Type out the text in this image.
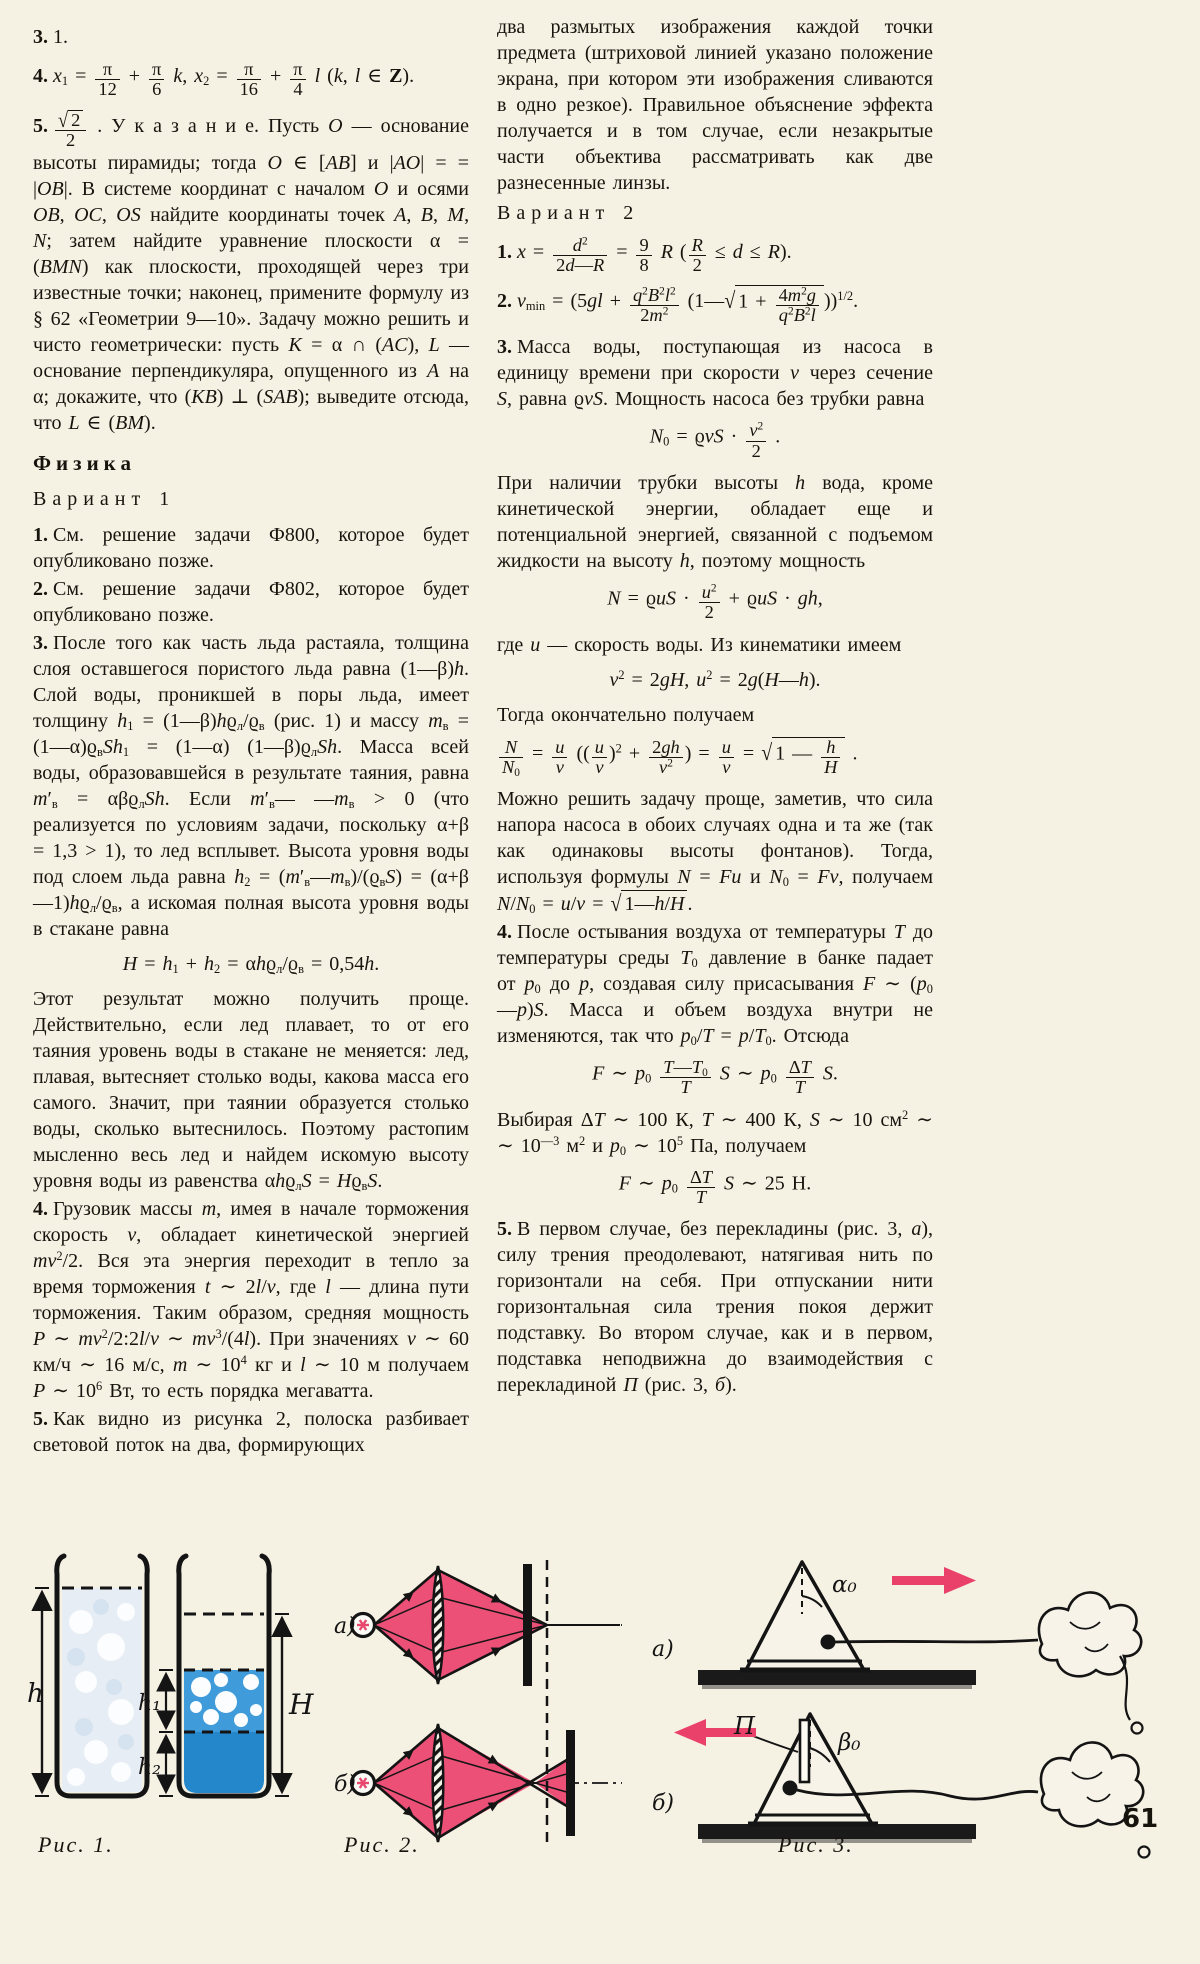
3. 1.

4. $x_1 = \frac{\pi}{12} + \frac{\pi}{6} k$, $x_2 = \frac{\pi}{16} + \frac{\pi}{4}$ l (k, l ∈ Z).

5. $\frac{√ 2}{2}$ . У к а з а н и е. Пусть O — основание высоты пирамиды; тогда O ∈ [AB] и |AO| = = |OB|. В системе координат с началом O и осями OB, OC, OS найдите координаты точек A, B, M, N; затем найдите уравнение плоскости α = (BMN) как плоскости, проходящей через три известные точки; наконец, примените формулу из § 62 «Геометрии 9—10». Задачу можно решить и чисто геометрически: пусть K = α ∩ (AC), L — основание перпендикуляра, опущенного из A на α; докажите, что (KB) ⊥ (SAB); выведите отсюда, что L ∈ (BM).

Физика
Вариант 1

1. См. решение задачи Ф800, которое будет опубликовано позже.

2. См. решение задачи Ф802, которое будет опубликовано позже.

3. После того как часть льда растаяла, толщина слоя оставшегося пористого льда равна (1—β)h. Слой воды, проникшей в поры льда, имеет толщину $h_1$ = $(1—\beta)hϱ_л/ϱ_в$ (рис. 1) и массу $m_в$ = $(1—\alpha)ϱ_вSh_1$ = (1—α) $(1—\beta)ϱ_лSh$. Масса всей воды, образовавшейся в результате таяния, равна $m'_в = \alpha\beta ϱ_лSh$. Если $m'_в—$ $—m_в > 0$ (что реализуется по условиям задачи, поскольку α+β = 1,3 > 1), то лед всплывет. Высота уровня воды под слоем льда равна $h_2$ = $(m'_в—m_в)/(ϱ_вS)$ = $(\alpha+\beta—1)hϱ_л/ϱ_в$, а искомая полная высота уровня воды в стакане равна

$H = h_1 + h_2 = \alpha hϱ_л/ϱ_в = 0,54h$.

Этот результат можно получить проще. Действительно, если лед плавает, то от его таяния уровень воды в стакане не меняется: лед, плавая, вытесняет столько воды, какова масса его самого. Значит, при таянии образуется столько воды, сколько вытеснилось. Поэтому растопим мысленно весь лед и найдем искомую высоту уровня воды из равенства $\alpha hϱ_лS = Hϱ_вS$.

4. Грузовик массы m, имея в начале торможения скорость v, обладает кинетической энергией $mv^2/2$. Вся эта энергия переходит в тепло за время торможения t ∼ 2l/v, где l — длина пути торможения. Таким образом, средняя мощность P ∼ $mv^2/2:2l/v$ ∼ $mv^3/(4l)$. При значениях v ∼ 60 км/ч ∼ 16 м/с, m ∼ $10^4$ кг и l ∼ 10 м получаем P ∼ $10^6$ Вт, то есть порядка мегаватта.

5. Как видно из рисунка 2, полоска разбивает световой поток на два, формирующих

два размытых изображения каждой точки предмета (штриховой линией указано положение экрана, при котором эти изображения сливаются в одно резкое). Правильное объяснение эффекта получается и в том случае, если незакрытые части объектива рассматривать как две разнесенные линзы.

Вариант 2
1. $x = \frac{d^2}{2d—R} = \frac{9}{8}$ R ( $\frac{R}{2} \le d \le R$).
2. $v_{min} = (5gl + \frac{q^2B^2l^2}{2m^2}$ (1—√ $1 + \frac{4m^2g}{q^2B^2l} ))^{1/2}$.

3. Масса воды, поступающая из насоса в единицу времени при скорости v через сечение S, равна ϱvS. Мощность насоса без трубки равна

$N_0 = ϱvS \cdot \frac{v^2}{2}$ .

При наличии трубки высоты h вода, кроме кинетической энергии, обладает еще и потенциальной энергией, связанной с подъемом жидкости на высоту h, поэтому мощность

$N = ϱuS \cdot \frac{u^2}{2} + ϱuS$ · gh,

где u — скорость воды. Из кинематики имеем

$v^2 = 2gH$, $u^2$ = 2g(H—h).

Тогда окончательно получаем

$\frac{N}{N_0} = \frac{u}{v}$ (( $\frac{u}{v} )^2 + \frac{2gh}{v^2}$ ) = $\frac{u}{v}$ = √ 1 — $\frac{h}{H}$ .

Можно решить задачу проще, заметив, что сила напора насоса в обоих случаях одна и та же (так как одинаковы высоты фонтанов). Тогда, используя формулы N = Fu и $N_0 = Fv$, получаем $N/N_0 = u/v$ = √ 1—h/H .

4. После остывания воздуха от температуры T до температуры среды $T_0$ давление в банке падает от $p_0$ до p, создавая силу присасывания F ∼ $(p_0—p)S$. Масса и объем воздуха внутри не изменяются, так что $p_0/T = p/T_0$. Отсюда

F ∼ $p_0 \frac{T—T_0}{T}$ S ∼ $p_0 \frac{\Delta T}{T} S$.

Выбирая ΔT ∼ 100 К, T ∼ 400 К, S ∼ 10 $см^2$ ∼ ∼ $10^{—3}$ $м^2$ и $p_0$ ∼ $10^5$ Па, получаем

F ∼ $p_0 \frac{\Delta T}{T}$ S ∼ 25 Н.

5. В первом случае, без перекладины (рис. 3, а), силу трения преодолевают, натягивая нить по горизонтали на себя. При отпускании нити горизонтальная сила трения покоя держит подставку. Во втором случае, как и в первом, подставка неподвижна до взаимодействия с перекладиной П (рис. 3, б).

h	h₁
h₂
H
а)
б)
а)
α₀
б)
П
β₀
Рис. 1.	Рис. 2.	Рис. 3.
61
